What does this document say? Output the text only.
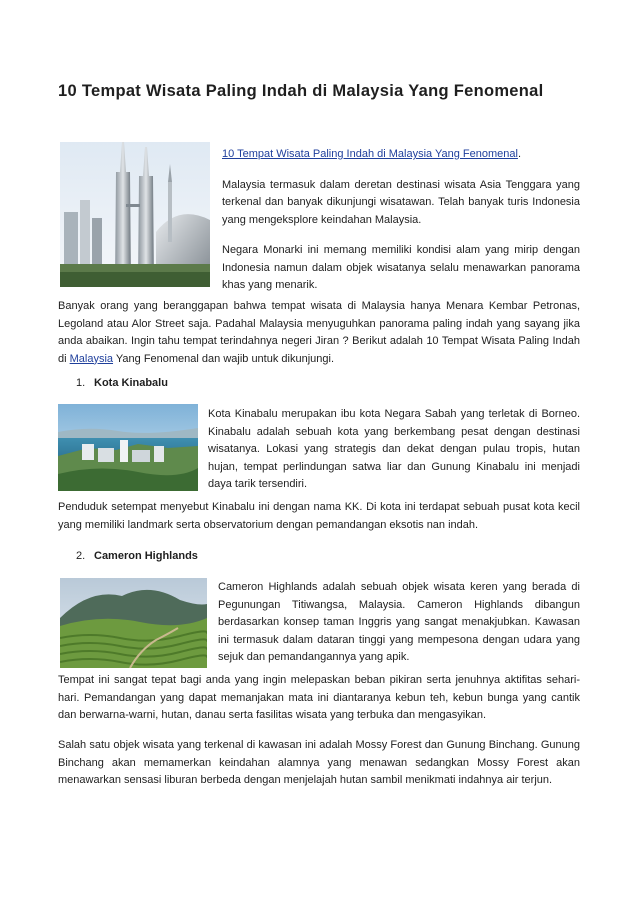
10 Tempat Wisata Paling Indah di Malaysia Yang Fenomenal

10 Tempat Wisata Paling Indah di Malaysia Yang Fenomenal.

Malaysia termasuk dalam deretan destinasi wisata Asia Tenggara yang terkenal dan banyak dikunjungi wisatawan. Telah banyak turis Indonesia yang mengeksplore keindahan Malaysia.

Negara Monarki ini memang memiliki kondisi alam yang mirip dengan Indonesia namun dalam objek wisatanya selalu menawarkan panorama khas yang menarik.

Banyak orang yang beranggapan bahwa tempat wisata di Malaysia hanya Menara Kembar Petronas, Legoland atau Alor Street saja. Padahal Malaysia menyuguhkan panorama paling indah yang sayang jika anda abaikan. Ingin tahu tempat terindahnya negeri Jiran ? Berikut adalah 10 Tempat Wisata Paling Indah di Malaysia Yang Fenomenal dan wajib untuk dikunjungi.

1. Kota Kinabalu

Kota Kinabalu merupakan ibu kota Negara Sabah yang terletak di Borneo. Kinabalu adalah sebuah kota yang berkembang pesat dengan destinasi wisatanya. Lokasi yang strategis dan dekat dengan pulau tropis, hutan hujan, tempat perlindungan satwa liar dan Gunung Kinabalu ini menjadi daya tarik tersendiri.

Penduduk setempat menyebut Kinabalu ini dengan nama KK. Di kota ini terdapat sebuah pusat kota kecil yang memiliki landmark serta observatorium dengan pemandangan eksotis nan indah.

2. Cameron Highlands

Cameron Highlands adalah sebuah objek wisata keren yang berada di Pegunungan Titiwangsa, Malaysia. Cameron Highlands dibangun berdasarkan konsep taman Inggris yang sangat menakjubkan. Kawasan ini termasuk dalam dataran tinggi yang mempesona dengan udara yang sejuk dan pemandangannya yang apik.

Tempat ini sangat tepat bagi anda yang ingin melepaskan beban pikiran serta jenuhnya aktifitas sehari-hari. Pemandangan yang dapat memanjakan mata ini diantaranya kebun teh, kebun bunga yang cantik dan berwarna-warni, hutan, danau serta fasilitas wisata yang terbuka dan mengasyikan.

Salah satu objek wisata yang terkenal di kawasan ini adalah Mossy Forest dan Gunung Binchang. Gunung Binchang akan memamerkan keindahan alamnya yang menawan sedangkan Mossy Forest akan menawarkan sensasi liburan berbeda dengan menjelajah hutan sambil menikmati indahnya air terjun.
